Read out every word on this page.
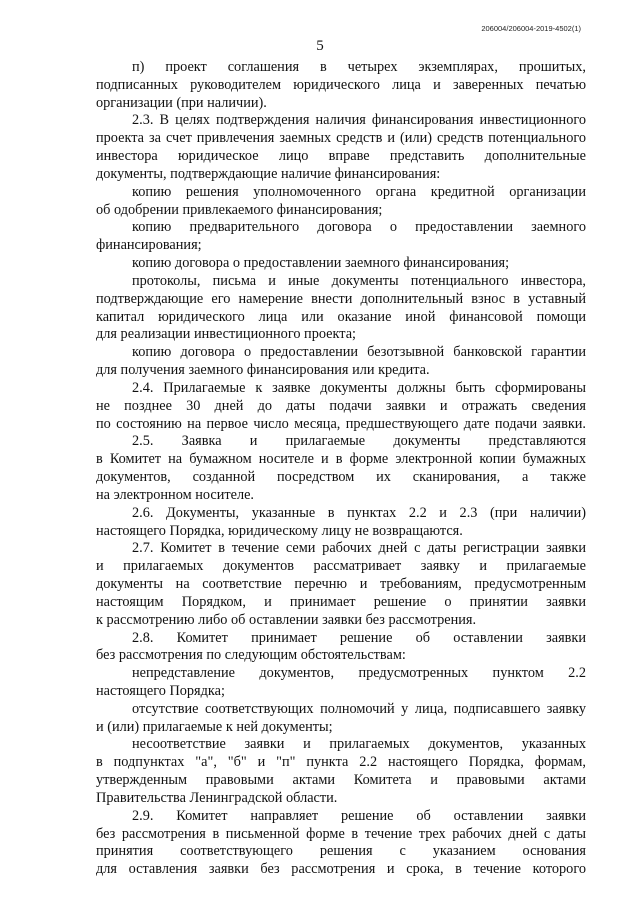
206004/206004-2019-4502(1)
5
п) проект соглашения в четырех экземплярах, прошитых,
подписанных руководителем юридического лица и заверенных печатью
организации (при наличии).
2.3. В целях подтверждения наличия финансирования инвестиционного
проекта за счет привлечения заемных средств и (или) средств потенциального
инвестора юридическое лицо вправе представить дополнительные
документы, подтверждающие наличие финансирования:
копию решения уполномоченного органа кредитной организации
об одобрении привлекаемого финансирования;
копию предварительного договора о предоставлении заемного
финансирования;
копию договора о предоставлении заемного финансирования;
протоколы, письма и иные документы потенциального инвестора,
подтверждающие его намерение внести дополнительный взнос в уставный
капитал юридического лица или оказание иной финансовой помощи
для реализации инвестиционного проекта;
копию договора о предоставлении безотзывной банковской гарантии
для получения заемного финансирования или кредита.
2.4. Прилагаемые к заявке документы должны быть сформированы
не позднее 30 дней до даты подачи заявки и отражать сведения
по состоянию на первое число месяца, предшествующего дате подачи заявки.
2.5. Заявка и прилагаемые документы представляются
в Комитет на бумажном носителе и в форме электронной копии бумажных
документов, созданной посредством их сканирования, а также
на электронном носителе.
2.6. Документы, указанные в пунктах 2.2 и 2.3 (при наличии)
настоящего Порядка, юридическому лицу не возвращаются.
2.7. Комитет в течение семи рабочих дней с даты регистрации заявки
и прилагаемых документов рассматривает заявку и прилагаемые
документы на соответствие перечню и требованиям, предусмотренным
настоящим Порядком, и принимает решение о принятии заявки
к рассмотрению либо об оставлении заявки без рассмотрения.
2.8. Комитет принимает решение об оставлении заявки
без рассмотрения по следующим обстоятельствам:
непредставление документов, предусмотренных пунктом 2.2
настоящего Порядка;
отсутствие соответствующих полномочий у лица, подписавшего заявку
и (или) прилагаемые к ней документы;
несоответствие заявки и прилагаемых документов, указанных
в подпунктах "а", "б" и "п" пункта 2.2 настоящего Порядка, формам,
утвержденным правовыми актами Комитета и правовыми актами
Правительства Ленинградской области.
2.9. Комитет направляет решение об оставлении заявки
без рассмотрения в письменной форме в течение трех рабочих дней с даты
принятия соответствующего решения с указанием основания
для оставления заявки без рассмотрения и срока, в течение которого
